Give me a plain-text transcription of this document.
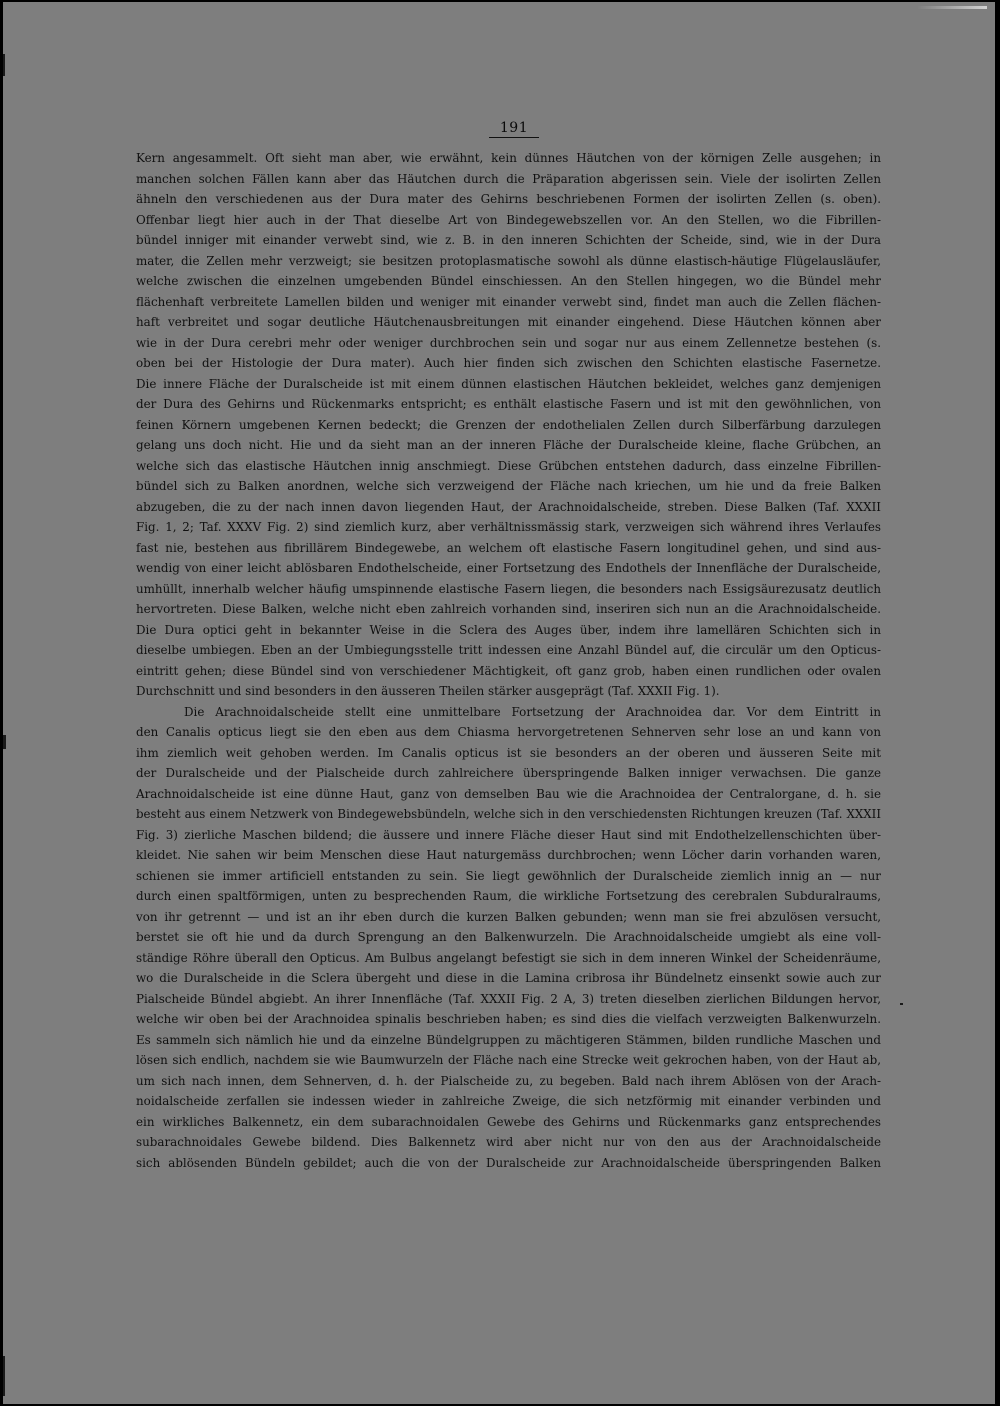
191
Kern angesammelt. Oft sieht man aber, wie erwähnt, kein dünnes Häutchen von der körnigen Zelle ausgehen; in
manchen solchen Fällen kann aber das Häutchen durch die Präparation abgerissen sein. Viele der isolirten Zellen
ähneln den verschiedenen aus der Dura mater des Gehirns beschriebenen Formen der isolirten Zellen (s. oben).
Offenbar liegt hier auch in der That dieselbe Art von Bindegewebszellen vor. An den Stellen, wo die Fibrillen-
bündel inniger mit einander verwebt sind, wie z. B. in den inneren Schichten der Scheide, sind, wie in der Dura
mater, die Zellen mehr verzweigt; sie besitzen protoplasmatische sowohl als dünne elastisch-häutige Flügelausläufer,
welche zwischen die einzelnen umgebenden Bündel einschiessen. An den Stellen hingegen, wo die Bündel mehr
flächenhaft verbreitete Lamellen bilden und weniger mit einander verwebt sind, findet man auch die Zellen flächen-
haft verbreitet und sogar deutliche Häutchenausbreitungen mit einander eingehend. Diese Häutchen können aber
wie in der Dura cerebri mehr oder weniger durchbrochen sein und sogar nur aus einem Zellennetze bestehen (s.
oben bei der Histologie der Dura mater). Auch hier finden sich zwischen den Schichten elastische Fasernetze.
Die innere Fläche der Duralscheide ist mit einem dünnen elastischen Häutchen bekleidet, welches ganz demjenigen
der Dura des Gehirns und Rückenmarks entspricht; es enthält elastische Fasern und ist mit den gewöhnlichen, von
feinen Körnern umgebenen Kernen bedeckt; die Grenzen der endothelialen Zellen durch Silberfärbung darzulegen
gelang uns doch nicht. Hie und da sieht man an der inneren Fläche der Duralscheide kleine, flache Grübchen, an
welche sich das elastische Häutchen innig anschmiegt. Diese Grübchen entstehen dadurch, dass einzelne Fibrillen-
bündel sich zu Balken anordnen, welche sich verzweigend der Fläche nach kriechen, um hie und da freie Balken
abzugeben, die zu der nach innen davon liegenden Haut, der Arachnoidalscheide, streben. Diese Balken (Taf. XXXII
Fig. 1, 2; Taf. XXXV Fig. 2) sind ziemlich kurz, aber verhältnissmässig stark, verzweigen sich während ihres Verlaufes
fast nie, bestehen aus fibrillärem Bindegewebe, an welchem oft elastische Fasern longitudinel gehen, und sind aus-
wendig von einer leicht ablösbaren Endothelscheide, einer Fortsetzung des Endothels der Innenfläche der Duralscheide,
umhüllt, innerhalb welcher häufig umspinnende elastische Fasern liegen, die besonders nach Essigsäurezusatz deutlich
hervortreten. Diese Balken, welche nicht eben zahlreich vorhanden sind, inseriren sich nun an die Arachnoidalscheide.
Die Dura optici geht in bekannter Weise in die Sclera des Auges über, indem ihre lamellären Schichten sich in
dieselbe umbiegen. Eben an der Umbiegungsstelle tritt indessen eine Anzahl Bündel auf, die circulär um den Opticus-
eintritt gehen; diese Bündel sind von verschiedener Mächtigkeit, oft ganz grob, haben einen rundlichen oder ovalen
Durchschnitt und sind besonders in den äusseren Theilen stärker ausgeprägt (Taf. XXXII Fig. 1).
Die Arachnoidalscheide stellt eine unmittelbare Fortsetzung der Arachnoidea dar. Vor dem Eintritt in
den Canalis opticus liegt sie den eben aus dem Chiasma hervorgetretenen Sehnerven sehr lose an und kann von
ihm ziemlich weit gehoben werden. Im Canalis opticus ist sie besonders an der oberen und äusseren Seite mit
der Duralscheide und der Pialscheide durch zahlreichere überspringende Balken inniger verwachsen. Die ganze
Arachnoidalscheide ist eine dünne Haut, ganz von demselben Bau wie die Arachnoidea der Centralorgane, d. h. sie
besteht aus einem Netzwerk von Bindegewebsbündeln, welche sich in den verschiedensten Richtungen kreuzen (Taf. XXXII
Fig. 3) zierliche Maschen bildend; die äussere und innere Fläche dieser Haut sind mit Endothelzellenschichten über-
kleidet. Nie sahen wir beim Menschen diese Haut naturgemäss durchbrochen; wenn Löcher darin vorhanden waren,
schienen sie immer artificiell entstanden zu sein. Sie liegt gewöhnlich der Duralscheide ziemlich innig an — nur
durch einen spaltförmigen, unten zu besprechenden Raum, die wirkliche Fortsetzung des cerebralen Subduralraums,
von ihr getrennt — und ist an ihr eben durch die kurzen Balken gebunden; wenn man sie frei abzulösen versucht,
berstet sie oft hie und da durch Sprengung an den Balkenwurzeln. Die Arachnoidalscheide umgiebt als eine voll-
ständige Röhre überall den Opticus. Am Bulbus angelangt befestigt sie sich in dem inneren Winkel der Scheidenräume,
wo die Duralscheide in die Sclera übergeht und diese in die Lamina cribrosa ihr Bündelnetz einsenkt sowie auch zur
Pialscheide Bündel abgiebt. An ihrer Innenfläche (Taf. XXXII Fig. 2 A, 3) treten dieselben zierlichen Bildungen hervor,
welche wir oben bei der Arachnoidea spinalis beschrieben haben; es sind dies die vielfach verzweigten Balkenwurzeln.
Es sammeln sich nämlich hie und da einzelne Bündelgruppen zu mächtigeren Stämmen, bilden rundliche Maschen und
lösen sich endlich, nachdem sie wie Baumwurzeln der Fläche nach eine Strecke weit gekrochen haben, von der Haut ab,
um sich nach innen, dem Sehnerven, d. h. der Pialscheide zu, zu begeben. Bald nach ihrem Ablösen von der Arach-
noidalscheide zerfallen sie indessen wieder in zahlreiche Zweige, die sich netzförmig mit einander verbinden und
ein wirkliches Balkennetz, ein dem subarachnoidalen Gewebe des Gehirns und Rückenmarks ganz entsprechendes
subarachnoidales Gewebe bildend. Dies Balkennetz wird aber nicht nur von den aus der Arachnoidalscheide
sich ablösenden Bündeln gebildet; auch die von der Duralscheide zur Arachnoidalscheide überspringenden Balken
